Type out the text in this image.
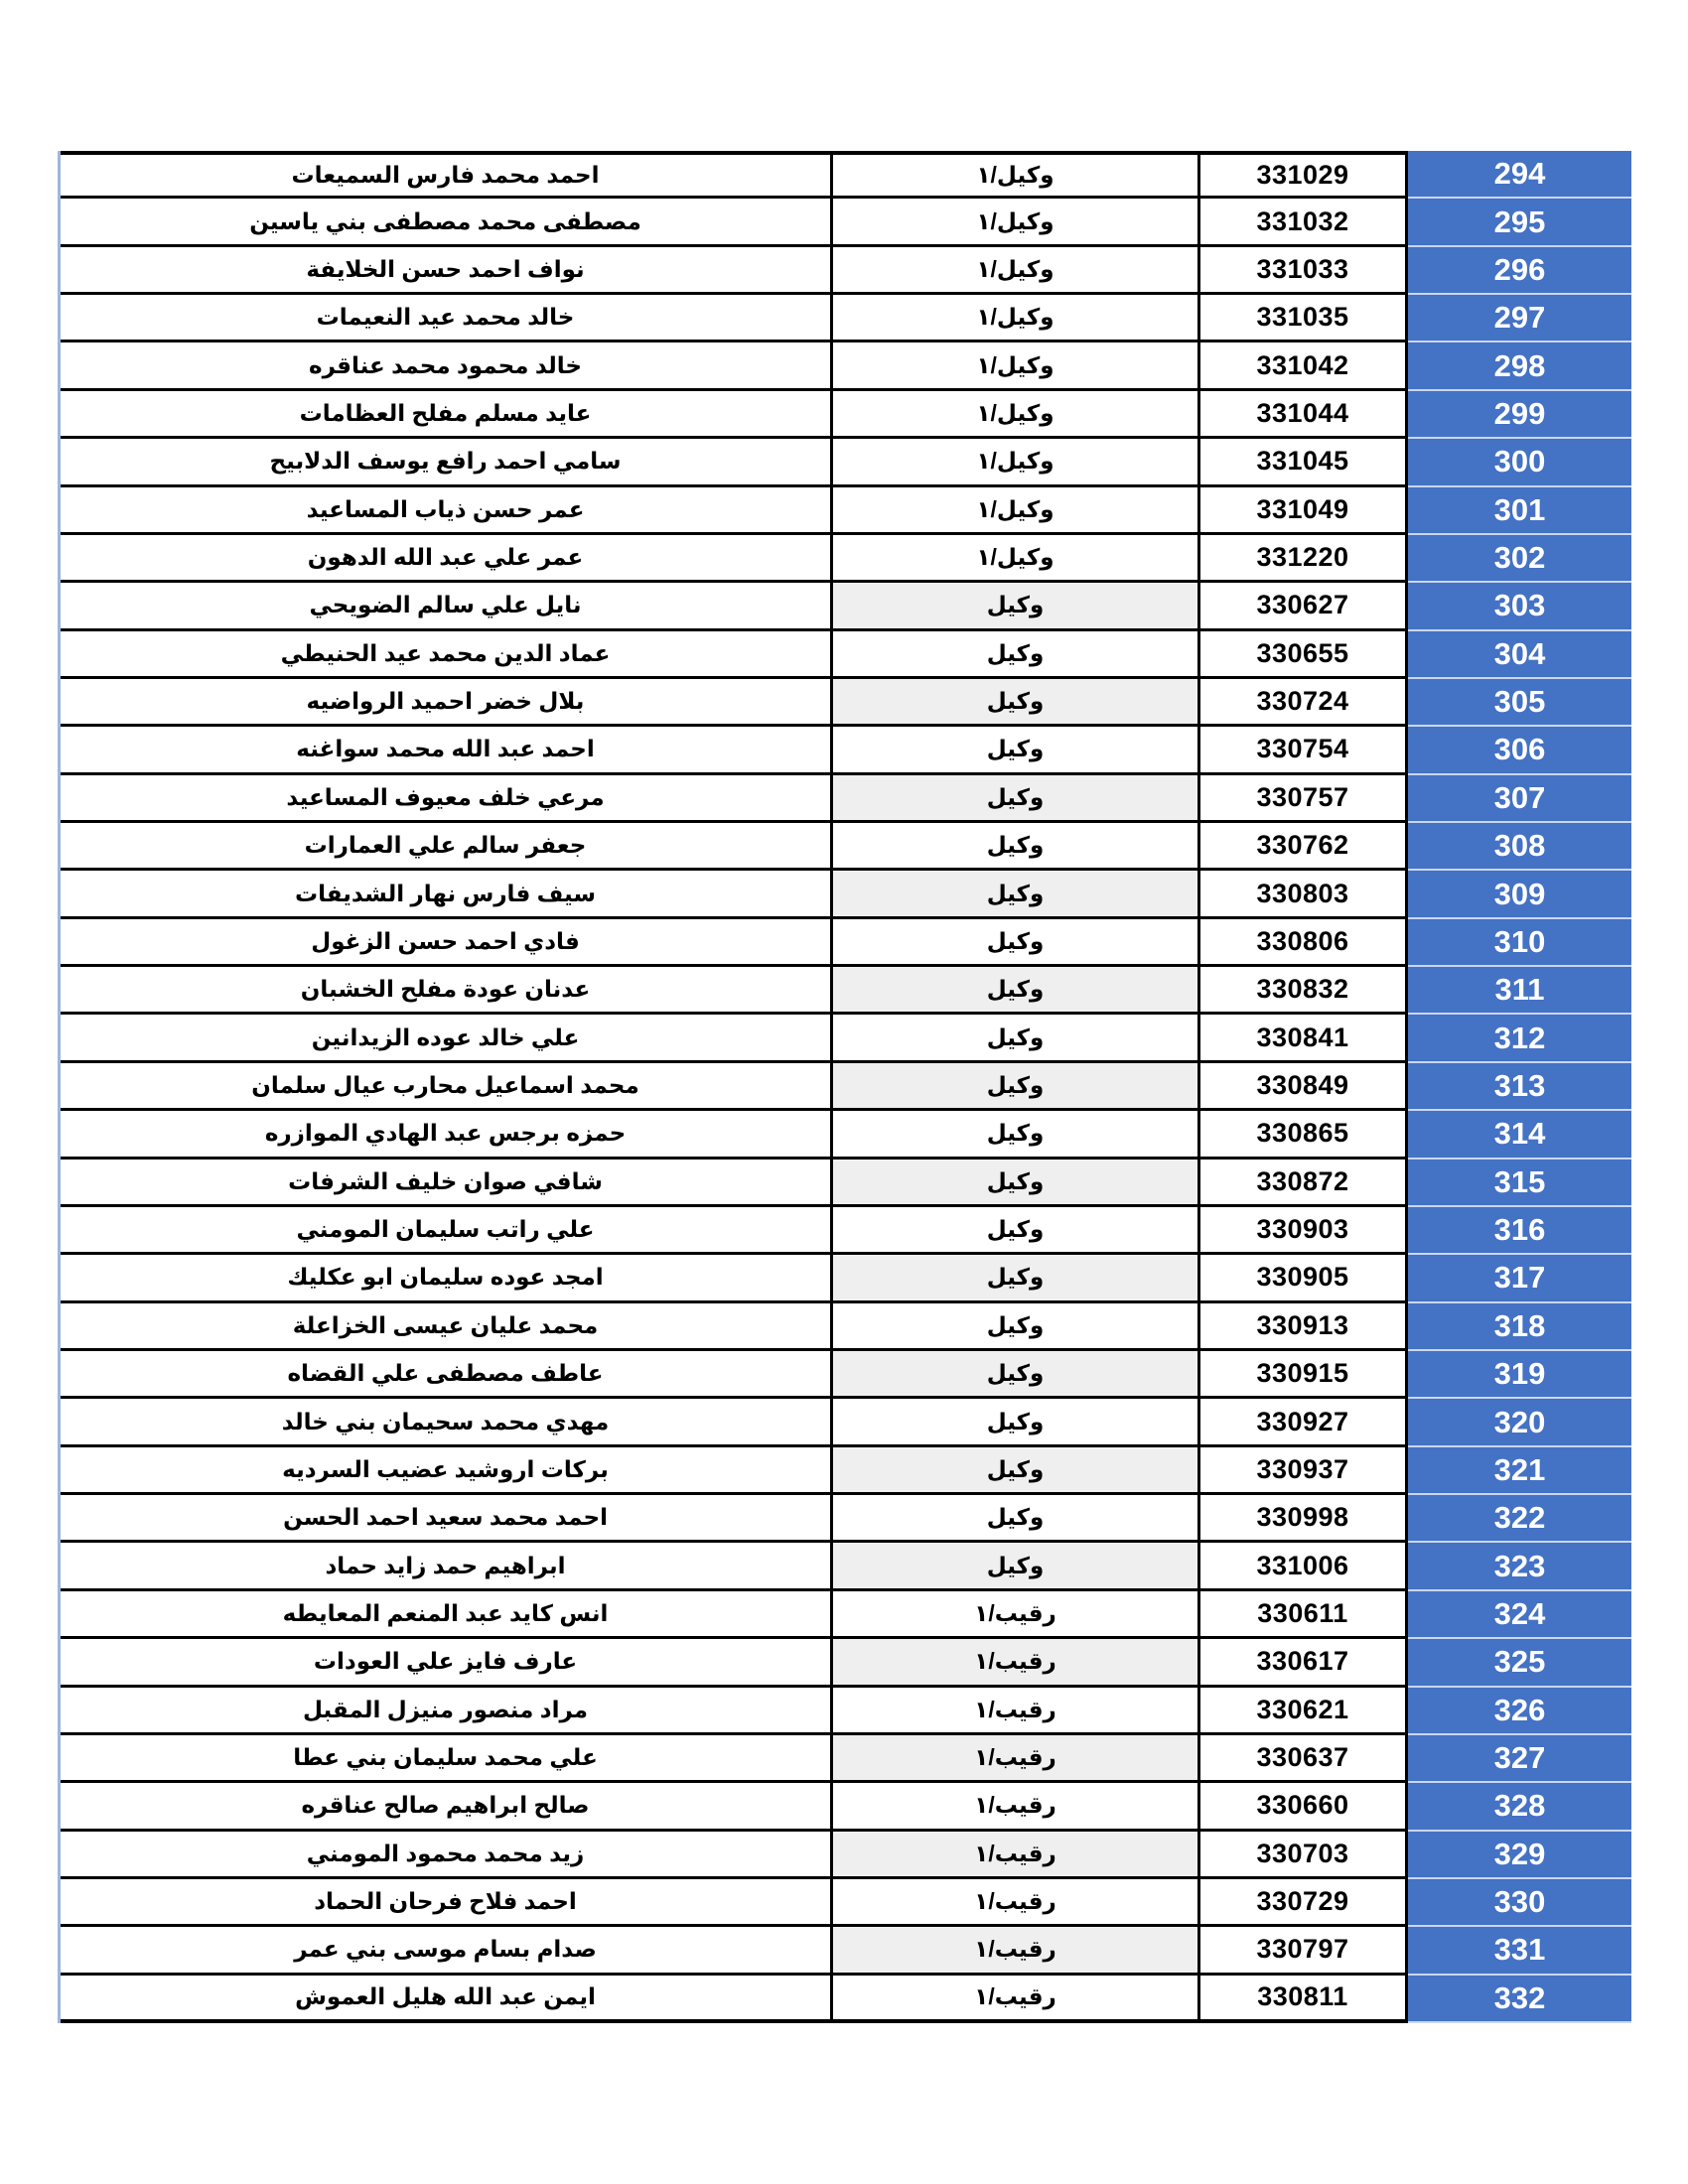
احمد محمد فارس السميعات	وكيل/١	331029	294
مصطفى محمد مصطفى بني ياسين	وكيل/١	331032	295
نواف احمد حسن الخلايفة	وكيل/١	331033	296
خالد محمد عيد النعيمات	وكيل/١	331035	297
خالد محمود محمد عناقره	وكيل/١	331042	298
عايد مسلم مفلح العظامات	وكيل/١	331044	299
سامي احمد رافع يوسف الدلابيح	وكيل/١	331045	300
عمر حسن ذياب المساعيد	وكيل/١	331049	301
عمر علي عبد الله الدهون	وكيل/١	331220	302
نايل علي سالم الضويحي	وكيل	330627	303
عماد الدين محمد عيد الحنيطي	وكيل	330655	304
بلال خضر احميد الرواضيه	وكيل	330724	305
احمد عبد الله محمد سواغنه	وكيل	330754	306
مرعي خلف معيوف المساعيد	وكيل	330757	307
جعفر سالم علي العمارات	وكيل	330762	308
سيف فارس نهار الشديفات	وكيل	330803	309
فادي احمد حسن الزغول	وكيل	330806	310
عدنان عودة مفلح الخشبان	وكيل	330832	311
علي خالد عوده الزيدانين	وكيل	330841	312
محمد اسماعيل محارب عيال سلمان	وكيل	330849	313
حمزه برجس عبد الهادي الموازره	وكيل	330865	314
شافي صوان خليف الشرفات	وكيل	330872	315
علي راتب سليمان المومني	وكيل	330903	316
امجد عوده سليمان ابو عكليك	وكيل	330905	317
محمد عليان عيسى الخزاعلة	وكيل	330913	318
عاطف مصطفى علي القضاه	وكيل	330915	319
مهدي محمد سحيمان بني خالد	وكيل	330927	320
بركات اروشيد عضيب السرديه	وكيل	330937	321
احمد محمد سعيد احمد الحسن	وكيل	330998	322
ابراهيم حمد زايد حماد	وكيل	331006	323
انس كايد عبد المنعم المعايطه	رقيب/١	330611	324
عارف فايز علي العودات	رقيب/١	330617	325
مراد منصور منيزل المقبل	رقيب/١	330621	326
علي محمد سليمان بني عطا	رقيب/١	330637	327
صالح ابراهيم صالح عناقره	رقيب/١	330660	328
زيد محمد محمود المومني	رقيب/١	330703	329
احمد فلاح فرحان الحماد	رقيب/١	330729	330
صدام بسام موسى بني عمر	رقيب/١	330797	331
ايمن عبد الله هليل العموش	رقيب/١	330811	332
